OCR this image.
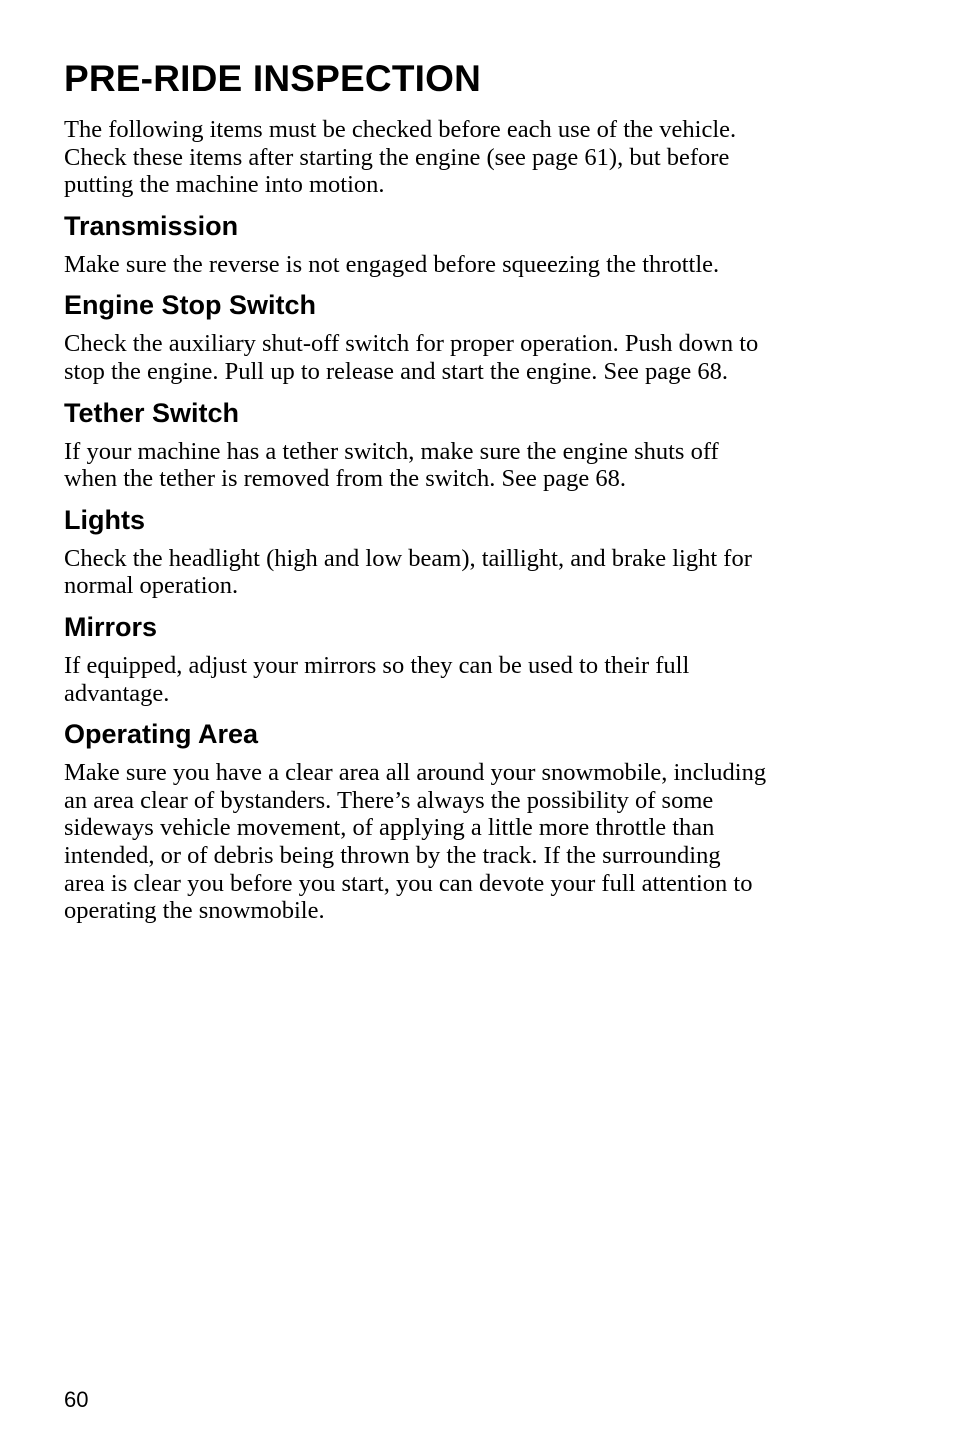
PRE-RIDE INSPECTION

The following items must be checked before each use of the vehicle.
Check these items after starting the engine (see page 61), but before
putting the machine into motion.

Transmission

Make sure the reverse is not engaged before squeezing the throttle.

Engine Stop Switch

Check the auxiliary shut-off switch for proper operation. Push down to
stop the engine. Pull up to release and start the engine. See page 68.

Tether Switch

If your machine has a tether switch, make sure the engine shuts off
when the tether is removed from the switch. See page 68.

Lights

Check the headlight (high and low beam), taillight, and brake light for
normal operation.

Mirrors

If equipped, adjust your mirrors so they can be used to their full
advantage.

Operating Area

Make sure you have a clear area all around your snowmobile, including
an area clear of bystanders. There’s always the possibility of some
sideways vehicle movement, of applying a little more throttle than
intended, or of debris being thrown by the track. If the surrounding
area is clear you before you start, you can devote your full attention to
operating the snowmobile.

60
